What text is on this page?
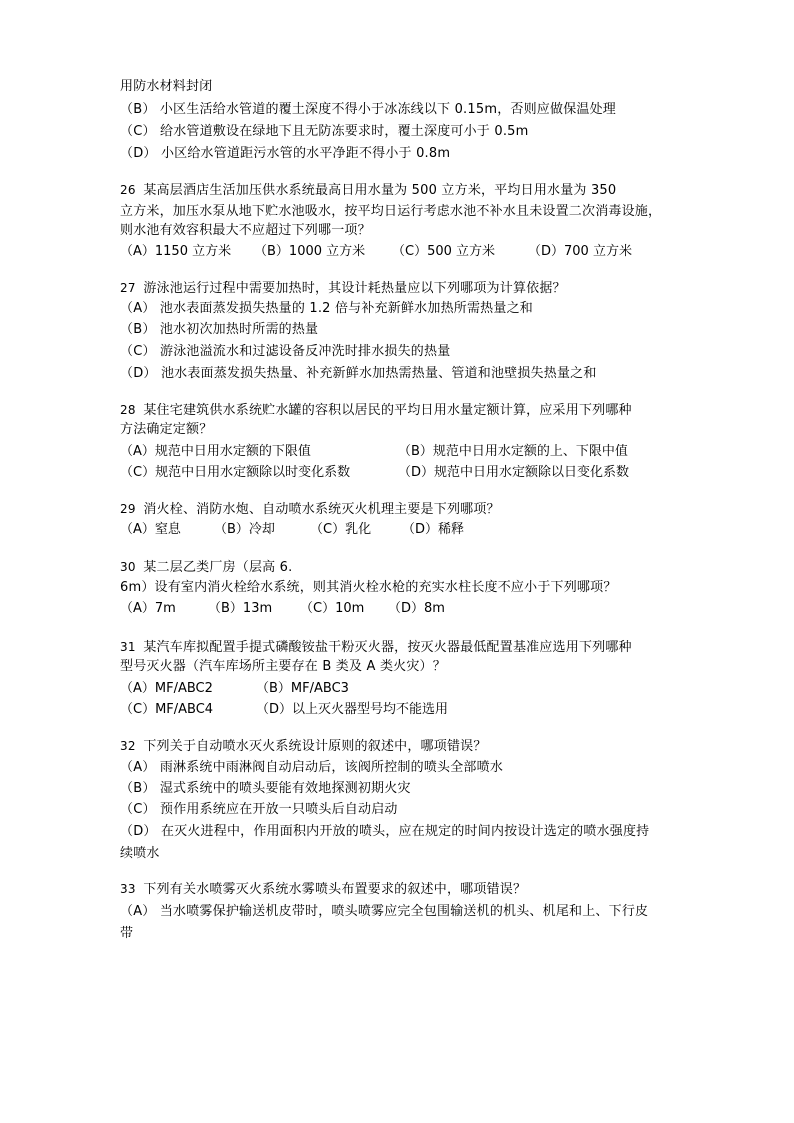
用防水材料封闭
（B） 小区生活给水管道的覆土深度不得小于冰冻线以下 0.15m，否则应做保温处理
（C） 给水管道敷设在绿地下且无防冻要求时，覆土深度可小于 0.5m
（D） 小区给水管道距污水管的水平净距不得小于 0.8m
26 某高层酒店生活加压供水系统最高日用水量为 500 立方米，平均日用水量为 350
立方米，加压水泵从地下贮水池吸水，按平均日运行考虑水池不补水且未设置二次消毒设施，
则水池有效容积最大不应超过下列哪一项？
（A）1150 立方米 （B）1000 立方米 （C）500 立方米	（D）700 立方米
27 游泳池运行过程中需要加热时，其设计耗热量应以下列哪项为计算依据？
（A） 池水表面蒸发损失热量的 1.2 倍与补充新鲜水加热所需热量之和
（B） 池水初次加热时所需的热量
（C） 游泳池溢流水和过滤设备反冲洗时排水损失的热量
（D） 池水表面蒸发损失热量、补充新鲜水加热需热量、管道和池壁损失热量之和
28 某住宅建筑供水系统贮水罐的容积以居民的平均日用水量定额计算，应采用下列哪种
方法确定定额？
（A）规范中日用水定额的下限值	（B）规范中日用水定额的上、下限中值
（C）规范中日用水定额除以时变化系数	（D）规范中日用水定额除以日变化系数
29 消火栓、消防水炮、自动喷水系统灭火机理主要是下列哪项？
（A）窒息	（B）冷却	（C）乳化 （D）稀释
30 某二层乙类厂房（层高 6.
6m）设有室内消火栓给水系统，则其消火栓水枪的充实水柱长度不应小于下列哪项？
（A）7m （B）13m （C）10m （D）8m
31 某汽车库拟配置手提式磷酸铵盐干粉灭火器，按灭火器最低配置基准应选用下列哪种
型号灭火器（汽车库场所主要存在 B 类及 A 类火灾）？
（A）MF/ABC2	（B）MF/ABC3
（C）MF/ABC4	（D）以上灭火器型号均不能选用
32 下列关于自动喷水灭火系统设计原则的叙述中，哪项错误？
（A） 雨淋系统中雨淋阀自动启动后，该阀所控制的喷头全部喷水
（B） 湿式系统中的喷头要能有效地探测初期火灾
（C） 预作用系统应在开放一只喷头后自动启动
（D） 在灭火进程中，作用面积内开放的喷头，应在规定的时间内按设计选定的喷水强度持
续喷水
33 下列有关水喷雾灭火系统水雾喷头布置要求的叙述中，哪项错误？
（A） 当水喷雾保护输送机皮带时，喷头喷雾应完全包围输送机的机头、机尾和上、下行皮
带
